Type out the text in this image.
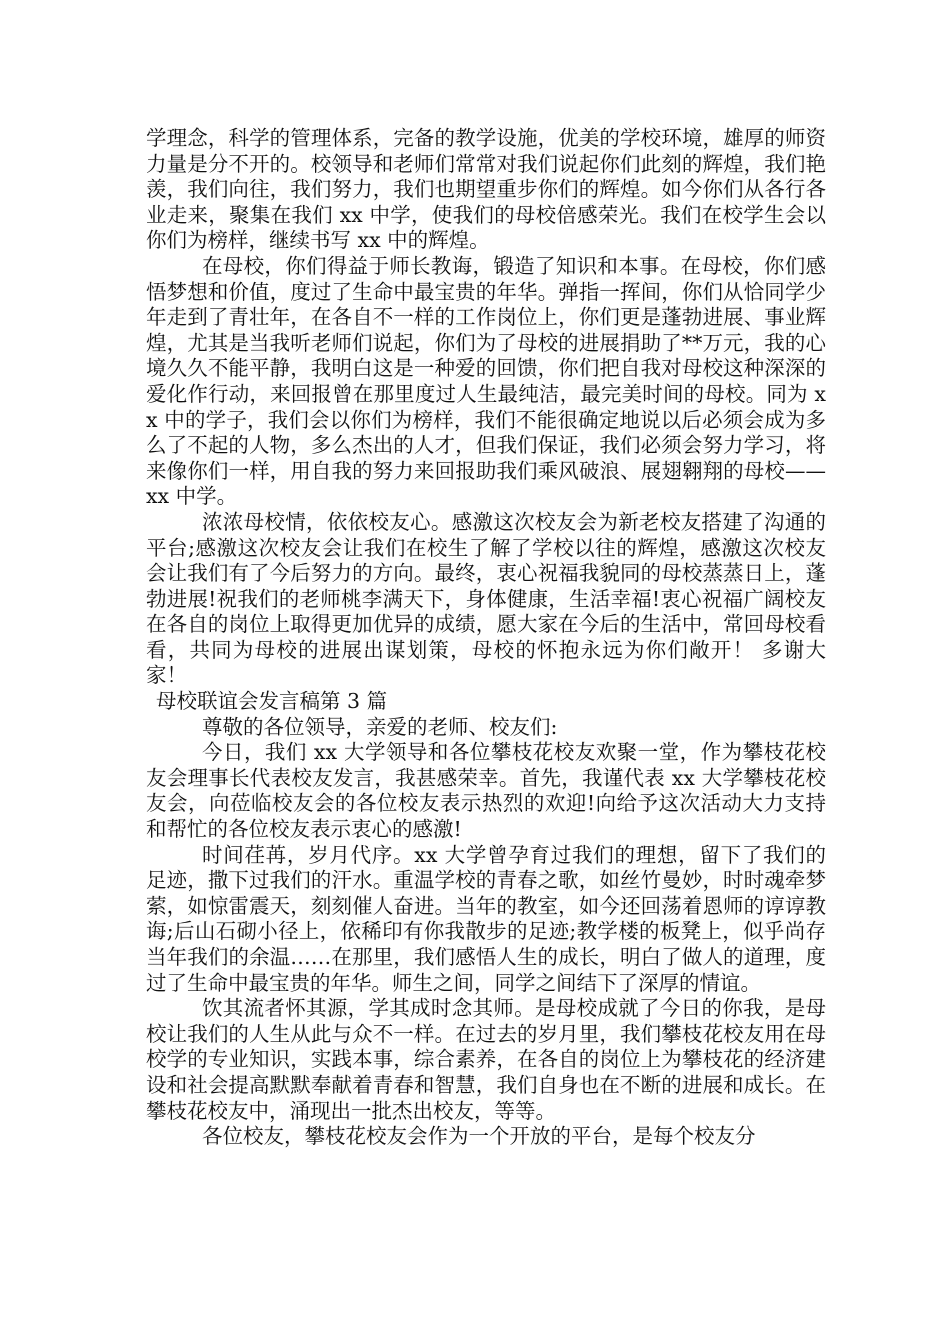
学理念，科学的管理体系，完备的教学设施，优美的学校环境，雄厚的师资力量是分不开的。校领导和老师们常常对我们说起你们此刻的辉煌，我们艳羡，我们向往，我们努力，我们也期望重步你们的辉煌。如今你们从各行各业走来，聚集在我们 xx 中学，使我们的母校倍感荣光。我们在校学生会以你们为榜样，继续书写 xx 中的辉煌。

在母校，你们得益于师长教诲，锻造了知识和本事。在母校，你们感悟梦想和价值，度过了生命中最宝贵的年华。弹指一挥间，你们从恰同学少年走到了青壮年，在各自不一样的工作岗位上，你们更是蓬勃进展、事业辉煌，尤其是当我听老师们说起，你们为了母校的进展捐助了**万元，我的心境久久不能平静，我明白这是一种爱的回馈，你们把自我对母校这种深深的爱化作行动，来回报曾在那里度过人生最纯洁，最完美时间的母校。同为 xx 中的学子，我们会以你们为榜样，我们不能很确定地说以后必须会成为多么了不起的人物，多么杰出的人才，但我们保证，我们必须会努力学习，将来像你们一样，用自我的努力来回报助我们乘风破浪、展翅翱翔的母校——xx 中学。

浓浓母校情，依依校友心。感激这次校友会为新老校友搭建了沟通的平台;感激这次校友会让我们在校生了解了学校以往的辉煌，感激这次校友会让我们有了今后努力的方向。最终，衷心祝福我貌同的母校蒸蒸日上，蓬勃进展!祝我们的老师桃李满天下，身体健康，生活幸福!衷心祝福广阔校友在各自的岗位上取得更加优异的成绩，愿大家在今后的生活中，常回母校看看，共同为母校的进展出谋划策，母校的怀抱永远为你们敞开！ 多谢大家！

母校联谊会发言稿第 3 篇

尊敬的各位领导，亲爱的老师、校友们:

今日，我们 xx 大学领导和各位攀枝花校友欢聚一堂，作为攀枝花校友会理事长代表校友发言，我甚感荣幸。首先，我谨代表 xx 大学攀枝花校友会，向莅临校友会的各位校友表示热烈的欢迎!向给予这次活动大力支持和帮忙的各位校友表示衷心的感激!

时间荏苒，岁月代序。xx 大学曾孕育过我们的理想，留下了我们的足迹，撒下过我们的汗水。重温学校的青春之歌，如丝竹曼妙，时时魂牵梦萦，如惊雷震天，刻刻催人奋进。当年的教室，如今还回荡着恩师的谆谆教诲;后山石砌小径上，依稀印有你我散步的足迹;教学楼的板凳上，似乎尚存当年我们的余温……在那里，我们感悟人生的成长，明白了做人的道理，度过了生命中最宝贵的年华。师生之间，同学之间结下了深厚的情谊。

饮其流者怀其源，学其成时念其师。是母校成就了今日的你我，是母校让我们的人生从此与众不一样。在过去的岁月里，我们攀枝花校友用在母校学的专业知识，实践本事，综合素养，在各自的岗位上为攀枝花的经济建设和社会提高默默奉献着青春和智慧，我们自身也在不断的进展和成长。在攀枝花校友中，涌现出一批杰出校友，等等。

各位校友，攀枝花校友会作为一个开放的平台，是每个校友分
